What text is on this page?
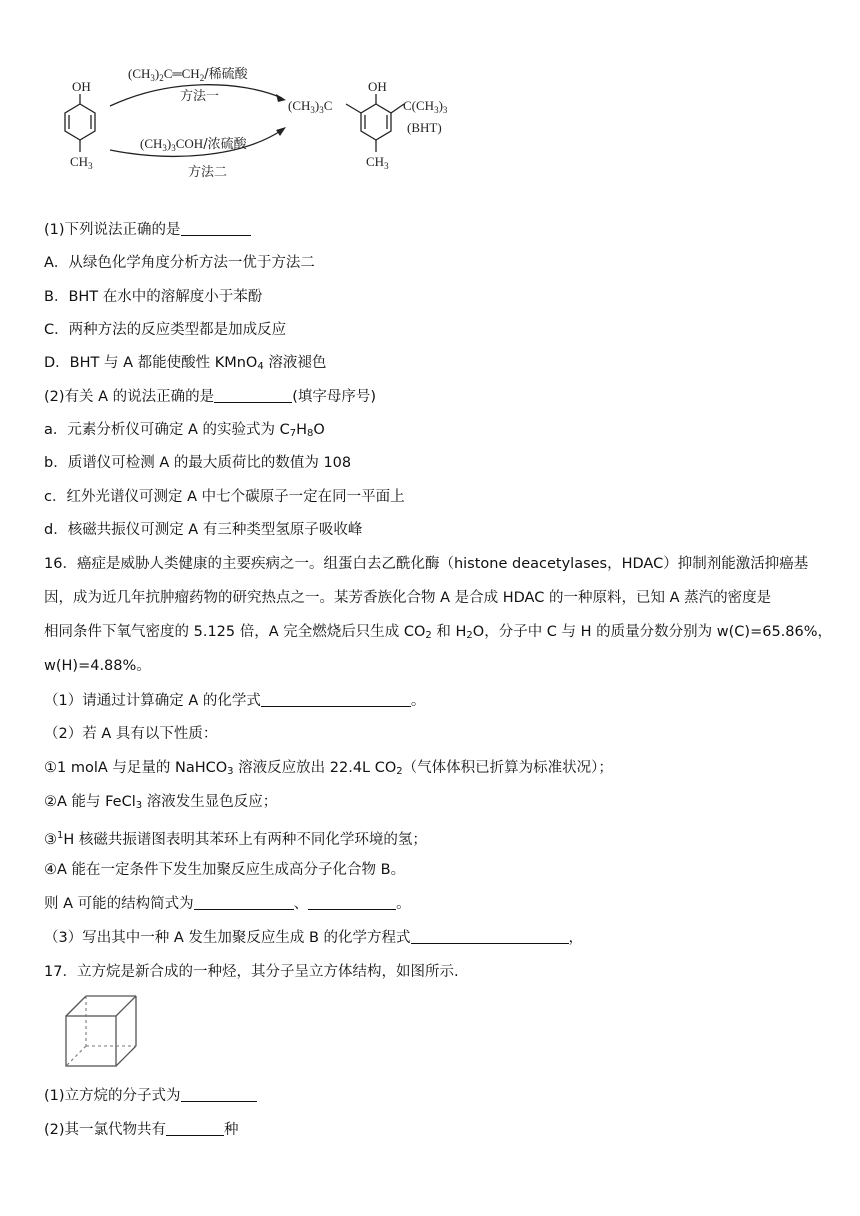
OH
$CH_3$
$(CH_3)_2C═CH_2/$稀硫酸
方法一
$(CH_3)_3COH/$浓硫酸
方法二
OH
$(CH_3)_3C$	$C(CH_3)_3$
(BHT)
$CH_3$
(1)下列说法正确的是
A．从绿色化学角度分析方法一优于方法二
B．BHT 在水中的溶解度小于苯酚
C．两种方法的反应类型都是加成反应
D．BHT 与 A 都能使酸性 KMnO$_4$ 溶液褪色
(2)有关 A 的说法正确的是	(填字母序号)
a．元素分析仪可确定 A 的实验式为 $C_7H_8O$
b．质谱仪可检测 A 的最大质荷比的数值为 108
c．红外光谱仪可测定 A 中七个碳原子一定在同一平面上
d．核磁共振仪可测定 A 有三种类型氢原子吸收峰
16．癌症是威胁人类健康的主要疾病之一。组蛋白去乙酰化酶（histone deacetylases，HDAC）抑制剂能激活抑癌基
因，成为近几年抗肿瘤药物的研究热点之一。某芳香族化合物 A 是合成 HDAC 的一种原料，已知 A 蒸汽的密度是
相同条件下氧气密度的 5.125 倍，A 完全燃烧后只生成 $CO_2$ 和 $H_2O$，分子中 C 与 H 的质量分数分别为 w(C)=65.86%，
w(H)=4.88%。
（1）请通过计算确定 A 的化学式	。
（2）若 A 具有以下性质：
①1 molA 与足量的 NaHCO$_3$ 溶液反应放出 22.4L $CO_2$（气体体积已折算为标准状况）；
②A 能与 FeCl$_3$ 溶液发生显色反应；
③$^1$H 核磁共振谱图表明其苯环上有两种不同化学环境的氢；
④A 能在一定条件下发生加聚反应生成高分子化合物 B。
则 A 可能的结构简式为	、	。
（3）写出其中一种 A 发生加聚反应生成 B 的化学方程式	，
17．立方烷是新合成的一种烃，其分子呈立方体结构，如图所示.
(1)立方烷的分子式为
(2)其一氯代物共有	种
